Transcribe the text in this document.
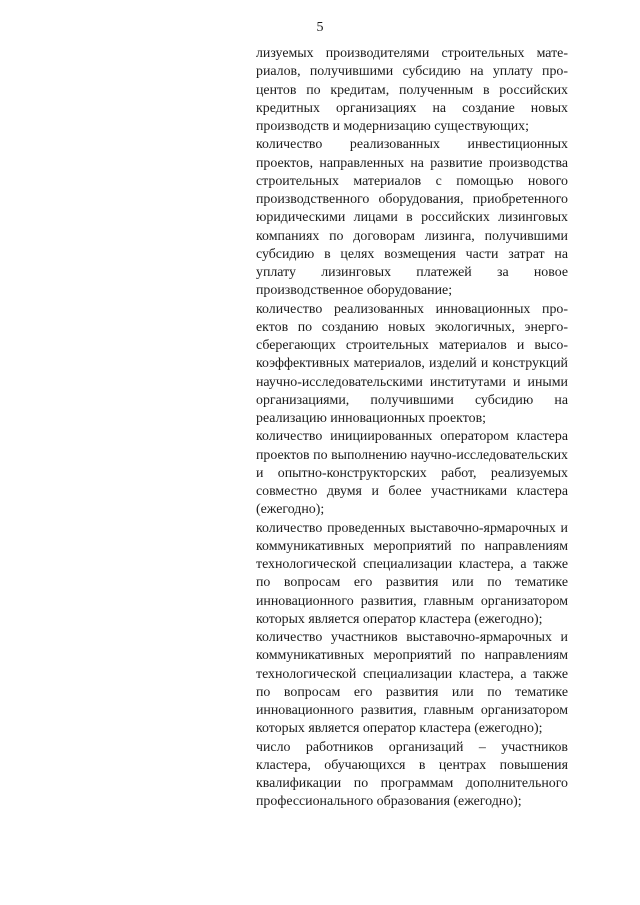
5

лизуемых производителями строительных материалов, получившими субсидию на уплату процентов по кредитам, полученным в российских кредитных организациях на создание новых производств и модернизацию существующих;

количество реализованных инвестиционных проектов, направленных на развитие производства строительных материалов с помощью нового производственного оборудования, приобретенного юридическими лицами в российских лизинговых компаниях по договорам лизинга, получившими субсидию в целях возмещения части затрат на уплату лизинговых платежей за новое производственное оборудование;

количество реализованных инновационных проектов по созданию новых экологичных, энергосберегающих строительных материалов и высокоэффективных материалов, изделий и конструкций научно-исследовательскими институтами и иными организациями, получившими субсидию на реализацию инновационных проектов;

количество инициированных оператором кластера проектов по выполнению научно-исследовательских и опытно-конструкторских работ, реализуемых совместно двумя и более участниками кластера (ежегодно);

количество проведенных выставочно-ярмарочных и коммуникативных мероприятий по направлениям технологической специализации кластера, а также по вопросам его развития или по тематике инновационного развития, главным организатором которых является оператор кластера (ежегодно);

количество участников выставочно-ярмарочных и коммуникативных мероприятий по направлениям технологической специализации кластера, а также по вопросам его развития или по тематике инновационного развития, главным организатором которых является оператор кластера (ежегодно);

число работников организаций – участников кластера, обучающихся в центрах повышения квалификации по программам дополнительного профессионального образования (ежегодно);
